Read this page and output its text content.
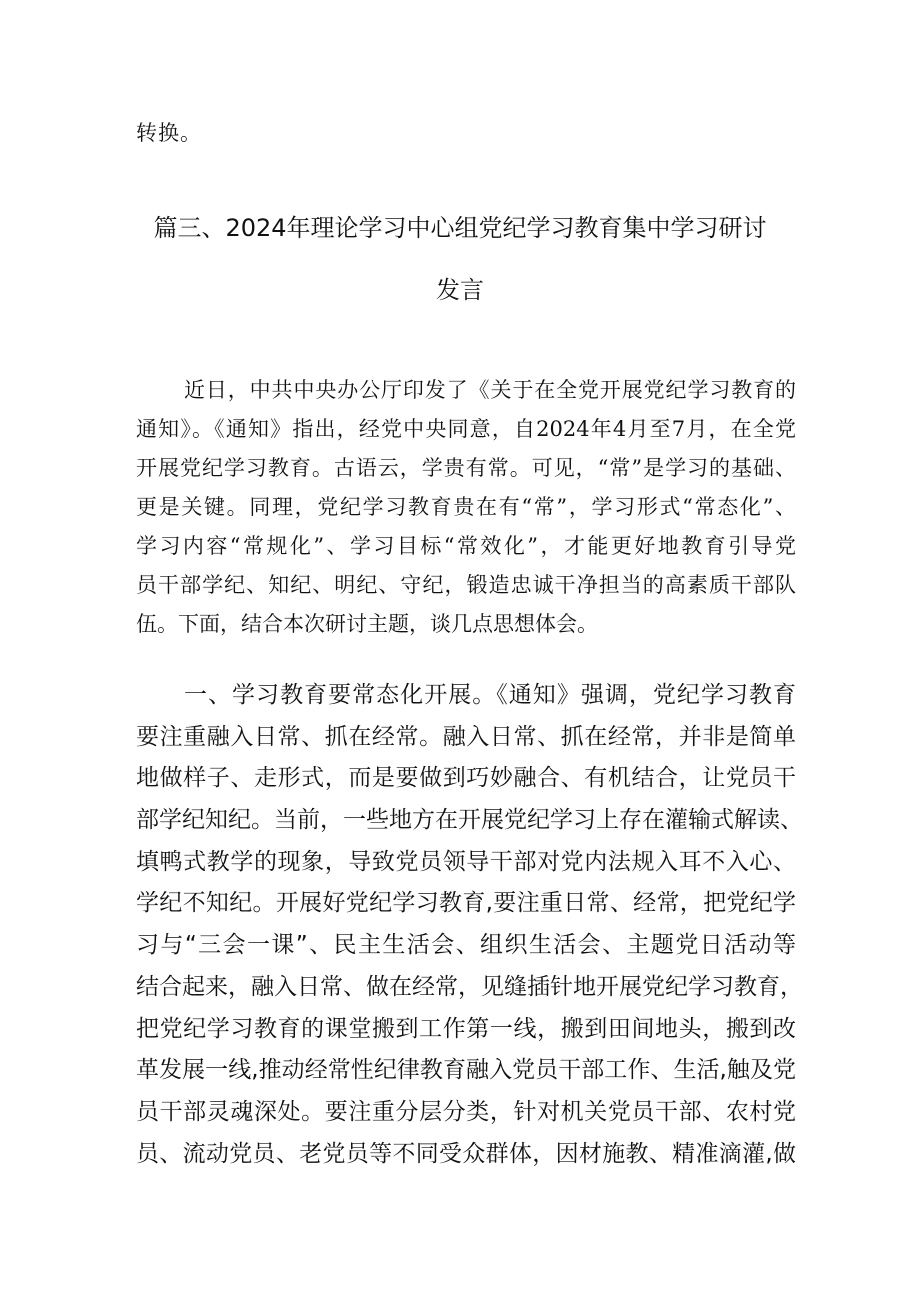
转换。
篇三、2024年理论学习中心组党纪学习教育集中学习研讨
发言
近日，中共中央办公厅印发了《关于在全党开展党纪学习教育的
通知》。《通知》指出，经党中央同意，自2024年4月至7月，在全党
开展党纪学习教育。古语云，学贵有常。可见，“常”是学习的基础、
更是关键。同理，党纪学习教育贵在有“常”，学习形式“常态化”、
学习内容“常规化”、学习目标“常效化”，才能更好地教育引导党
员干部学纪、知纪、明纪、守纪，锻造忠诚干净担当的高素质干部队
伍。下面，结合本次研讨主题，谈几点思想体会。
一、学习教育要常态化开展。《通知》强调，党纪学习教育
要注重融入日常、抓在经常。融入日常、抓在经常，并非是简单
地做样子、走形式，而是要做到巧妙融合、有机结合，让党员干
部学纪知纪。当前，一些地方在开展党纪学习上存在灌输式解读、
填鸭式教学的现象，导致党员领导干部对党内法规入耳不入心、
学纪不知纪。开展好党纪学习教育,要注重日常、经常，把党纪学
习与“三会一课”、民主生活会、组织生活会、主题党日活动等
结合起来，融入日常、做在经常，见缝插针地开展党纪学习教育，
把党纪学习教育的课堂搬到工作第一线，搬到田间地头，搬到改
革发展一线,推动经常性纪律教育融入党员干部工作、生活,触及党
员干部灵魂深处。要注重分层分类，针对机关党员干部、农村党
员、流动党员、老党员等不同受众群体，因材施教、精准滴灌,做
